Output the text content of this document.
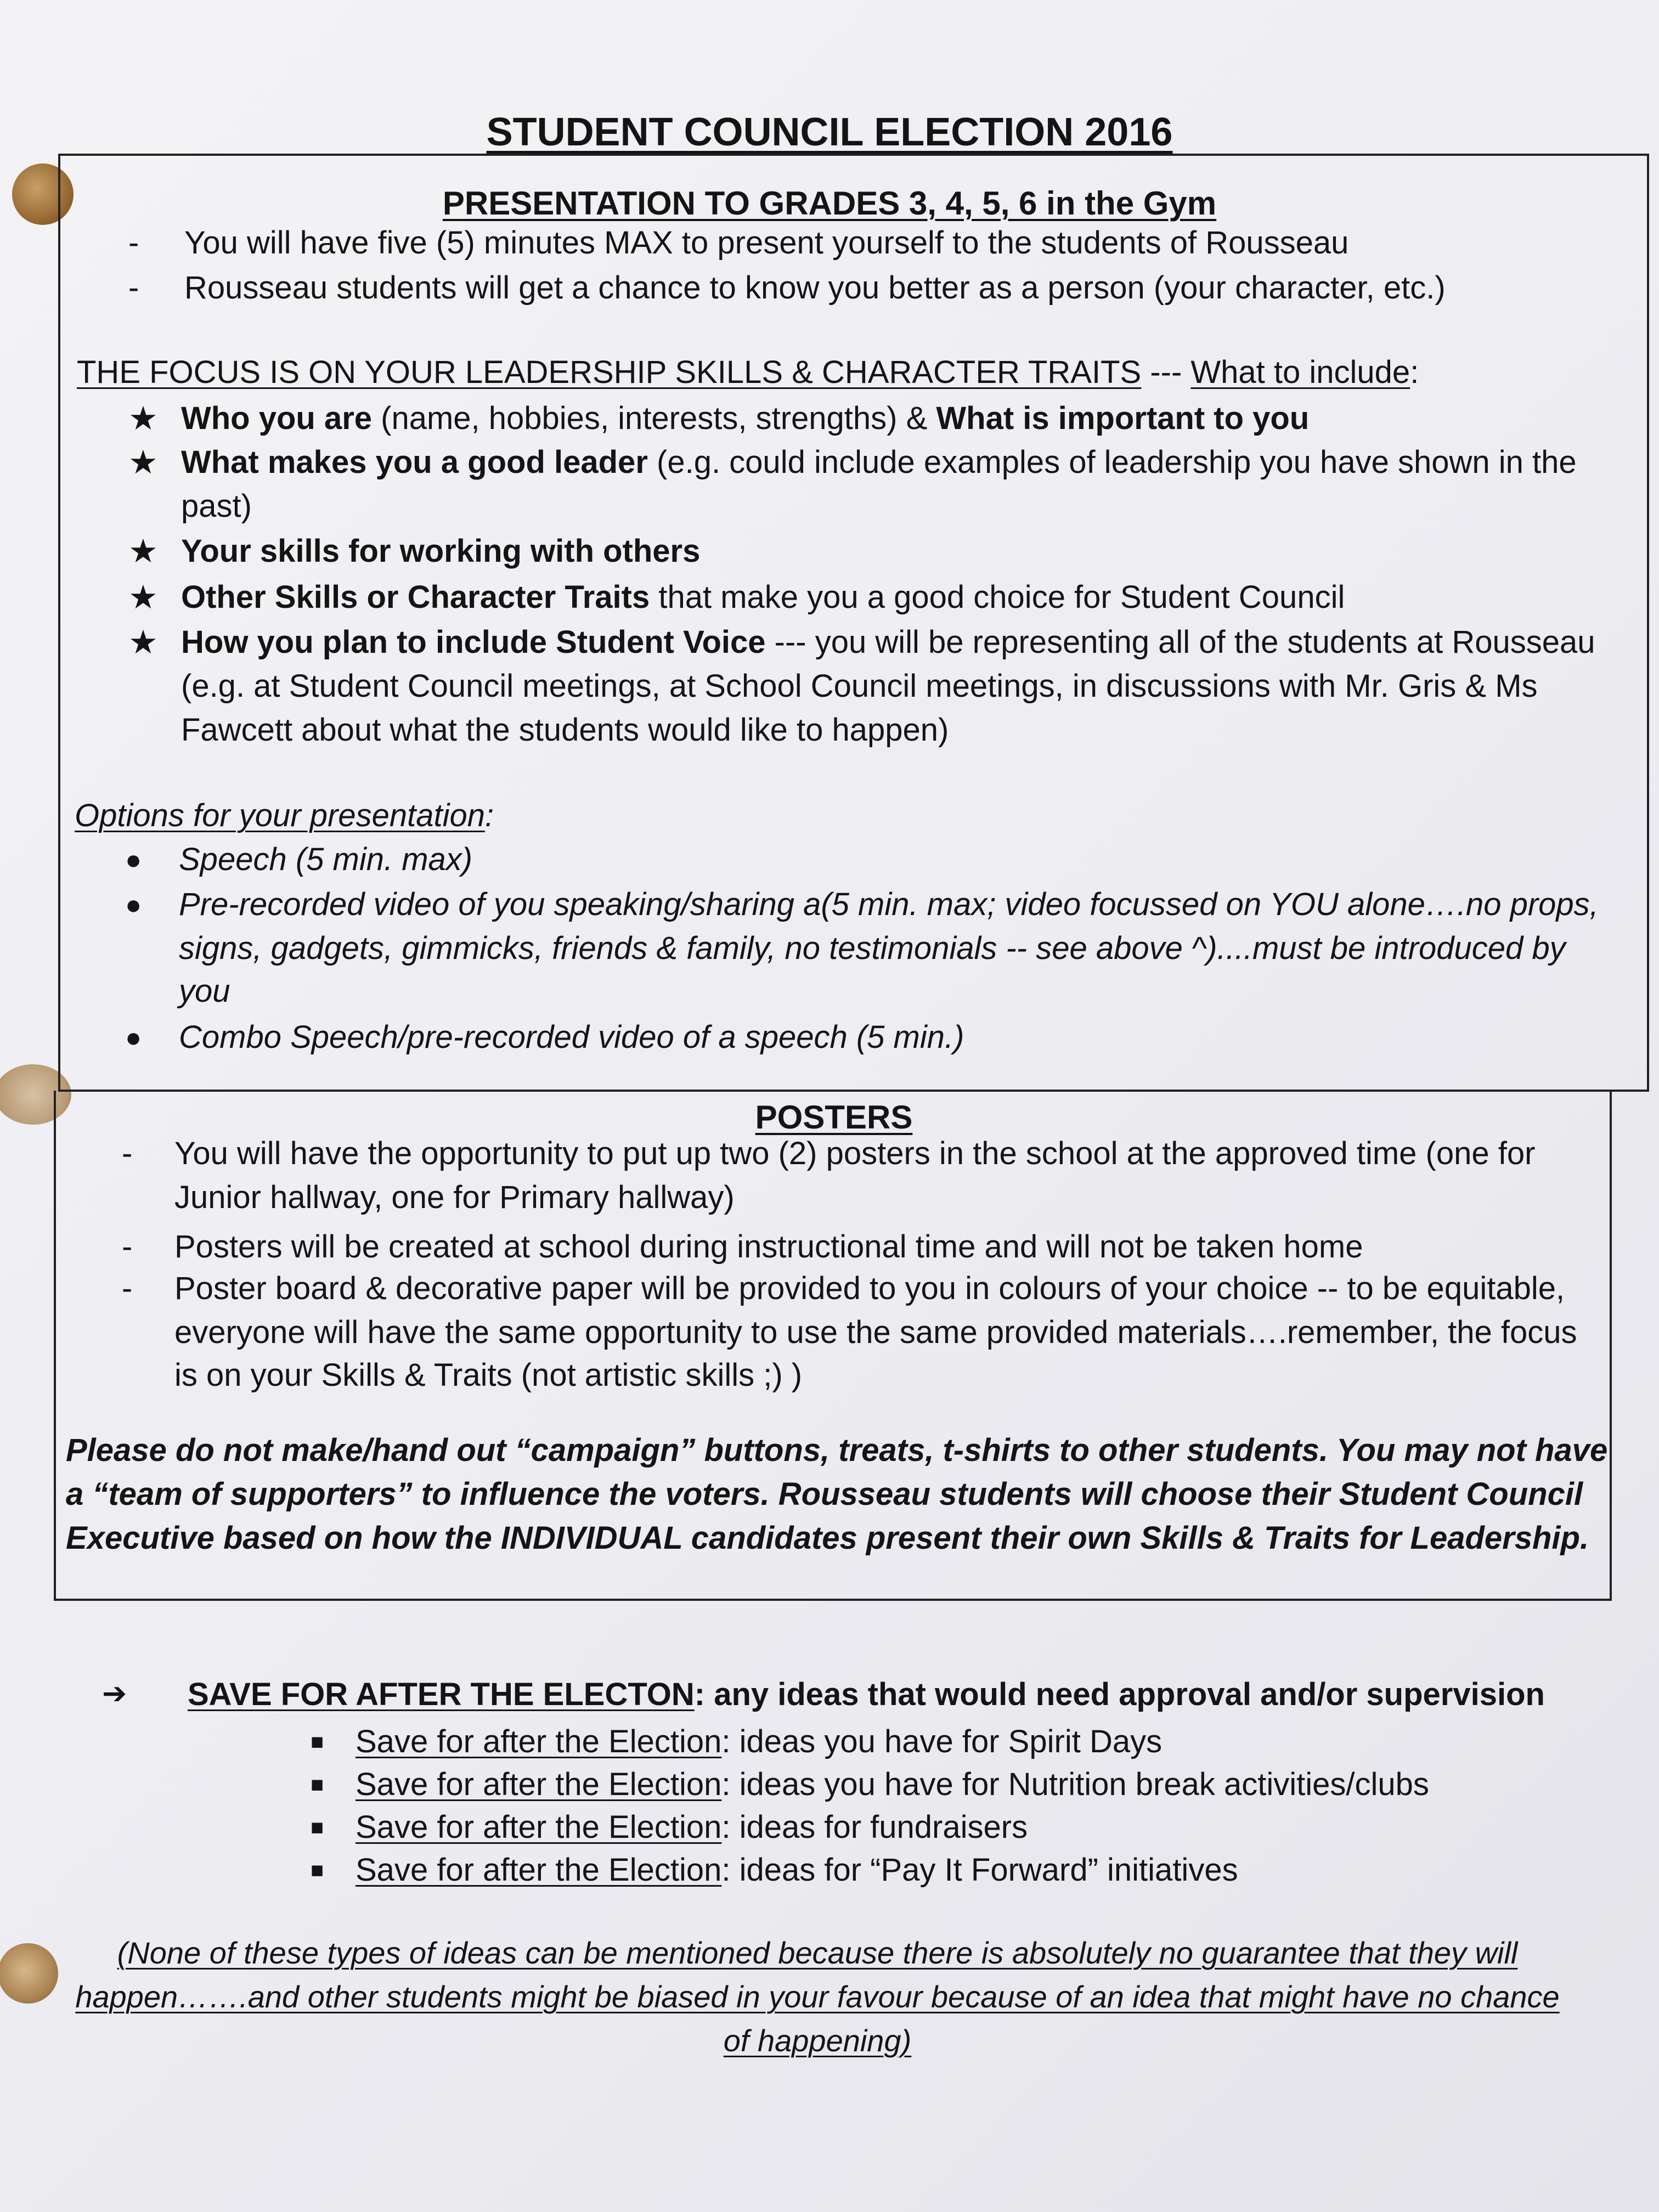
STUDENT COUNCIL ELECTION 2016
PRESENTATION TO GRADES 3, 4, 5, 6 in the Gym
- You will have five (5) minutes MAX to present yourself to the students of Rousseau
- Rousseau students will get a chance to know you better as a person (your character, etc.)
THE FOCUS IS ON YOUR LEADERSHIP SKILLS & CHARACTER TRAITS --- What to include:
★ Who you are (name, hobbies, interests, strengths) & What is important to you
★ What makes you a good leader (e.g. could include examples of leadership you have shown in the
past)
★ Your skills for working with others
★ Other Skills or Character Traits that make you a good choice for Student Council
★ How you plan to include Student Voice --- you will be representing all of the students at Rousseau
(e.g. at Student Council meetings, at School Council meetings, in discussions with Mr. Gris & Ms
Fawcett about what the students would like to happen)
Options for your presentation:
● Speech (5 min. max)
● Pre-recorded video of you speaking/sharing a(5 min. max; video focussed on YOU alone….no props,
signs, gadgets, gimmicks, friends & family, no testimonials -- see above ^)....must be introduced by
you
● Combo Speech/pre-recorded video of a speech (5 min.)
POSTERS
- You will have the opportunity to put up two (2) posters in the school at the approved time (one for
Junior hallway, one for Primary hallway)
- Posters will be created at school during instructional time and will not be taken home
- Poster board & decorative paper will be provided to you in colours of your choice -- to be equitable,
everyone will have the same opportunity to use the same provided materials….remember, the focus
is on your Skills & Traits (not artistic skills ;) )
Please do not make/hand out “campaign” buttons, treats, t-shirts to other students. You may not have
a “team of supporters” to influence the voters. Rousseau students will choose their Student Council
Executive based on how the INDIVIDUAL candidates present their own Skills & Traits for Leadership.
➔ SAVE FOR AFTER THE ELECTON: any ideas that would need approval and/or supervision
■ Save for after the Election: ideas you have for Spirit Days
■ Save for after the Election: ideas you have for Nutrition break activities/clubs
■ Save for after the Election: ideas for fundraisers
■ Save for after the Election: ideas for “Pay It Forward” initiatives
(None of these types of ideas can be mentioned because there is absolutely no guarantee that they will
happen…….and other students might be biased in your favour because of an idea that might have no chance
of happening)
